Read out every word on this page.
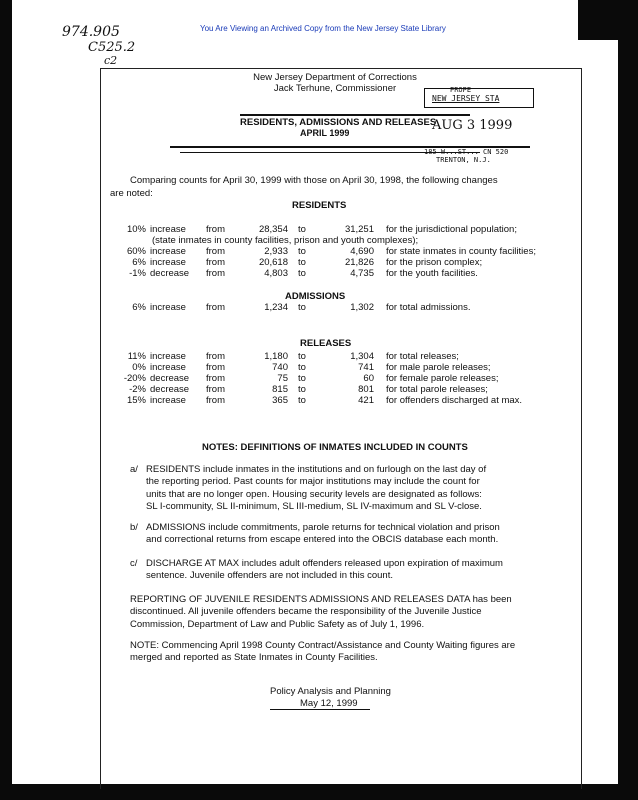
You Are Viewing an Archived Copy from the New Jersey State Library
974.905
C525.2
c2
New Jersey Department of Corrections
Jack Terhune, Commissioner
RESIDENTS, ADMISSIONS AND RELEASES
APRIL 1999
PROPE
NEW JERSEY STA
AUG 3 1999
185 W...ST... CN 520
TRENTON, N.J.
Comparing counts for April 30, 1999 with those on April 30, 1998, the following changes
are noted:
RESIDENTS
10% increase from	28,354 to	31,251 for the jurisdictional population;
(state inmates in county facilities, prison and youth complexes);
60% increase from	2,933 to	4,690 for state inmates in county facilities;
6% increase from	20,618 to	21,826 for the prison complex;
-1% decrease from	4,803 to	4,735 for the youth facilities.
ADMISSIONS
6% increase from	1,234 to	1,302 for total admissions.
RELEASES
11% increase from	1,180 to	1,304 for total releases;
0% increase from	740 to	741 for male parole releases;
-20% decrease from	75 to	60 for female parole releases;
-2% decrease from	815 to	801 for total parole releases;
15% increase from	365 to	421 for offenders discharged at max.
NOTES: DEFINITIONS OF INMATES INCLUDED IN COUNTS
a/ RESIDENTS include inmates in the institutions and on furlough on the last day of
the reporting period. Past counts for major institutions may include the count for
units that are no longer open. Housing security levels are designated as follows:
SL I-community, SL II-minimum, SL III-medium, SL IV-maximum and SL V-close.
b/ ADMISSIONS include commitments, parole returns for technical violation and prison
and correctional returns from escape entered into the OBCIS database each month.
c/ DISCHARGE AT MAX includes adult offenders released upon expiration of maximum
sentence. Juvenile offenders are not included in this count.
REPORTING OF JUVENILE RESIDENTS ADMISSIONS AND RELEASES DATA has been
discontinued. All juvenile offenders became the responsibility of the Juvenile Justice
Commission, Department of Law and Public Safety as of July 1, 1996.
NOTE: Commencing April 1998 County Contract/Assistance and County Waiting figures are
merged and reported as State Inmates in County Facilities.
Policy Analysis and Planning
May 12, 1999
